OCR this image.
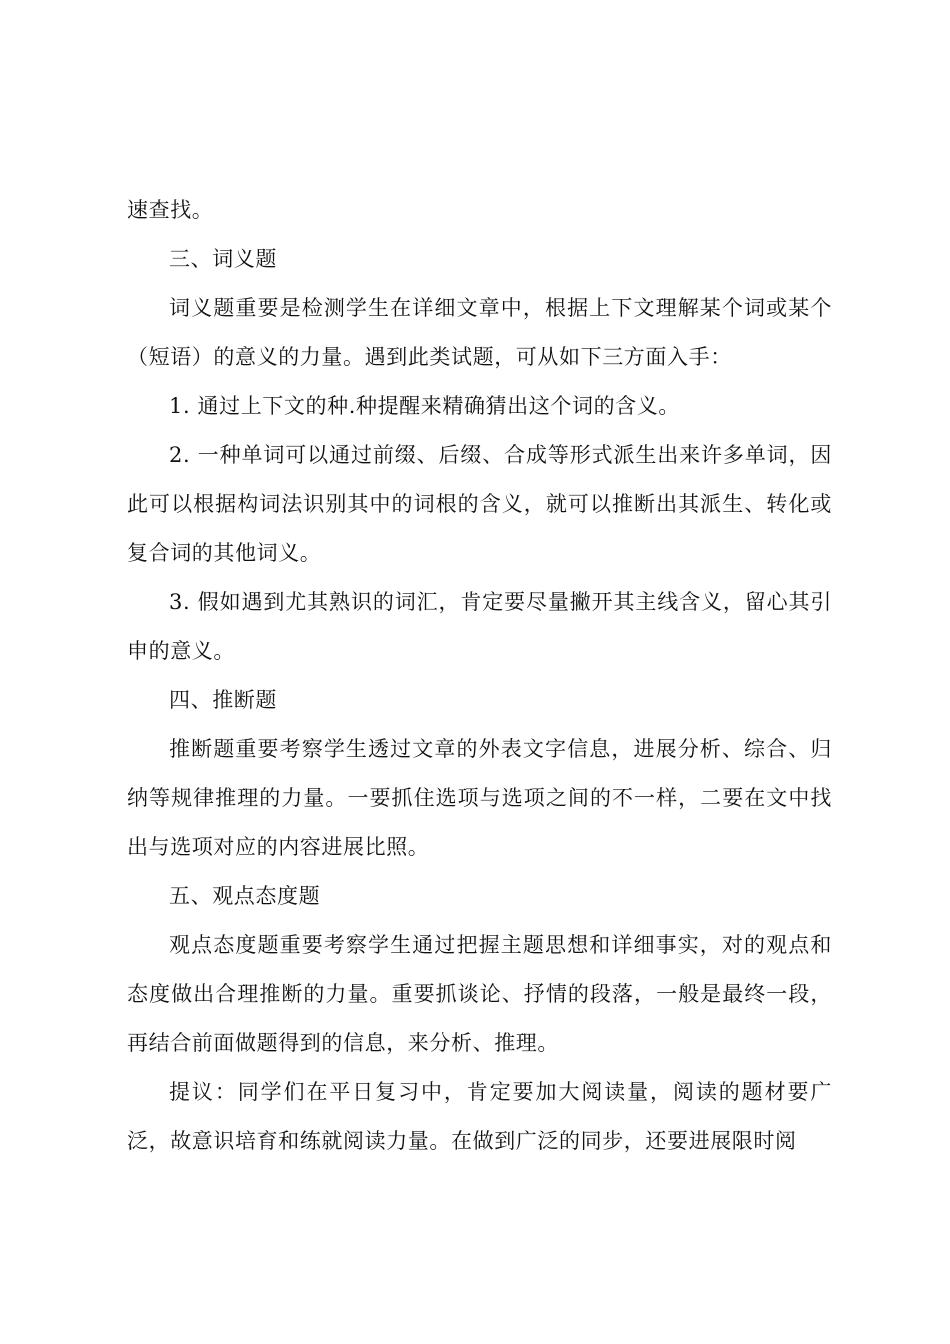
速查找。

三、词义题

词义题重要是检测学生在详细文章中，根据上下文理解某个词或某个（短语）的意义的力量。遇到此类试题，可从如下三方面入手：

1. 通过上下文的种.种提醒来精确猜出这个词的含义。

2. 一种单词可以通过前缀、后缀、合成等形式派生出来许多单词，因此可以根据构词法识别其中的词根的含义，就可以推断出其派生、转化或复合词的其他词义。

3. 假如遇到尤其熟识的词汇，肯定要尽量撇开其主线含义，留心其引申的意义。

四、推断题

推断题重要考察学生透过文章的外表文字信息，进展分析、综合、归纳等规律推理的力量。一要抓住选项与选项之间的不一样，二要在文中找出与选项对应的内容进展比照。

五、观点态度题

观点态度题重要考察学生通过把握主题思想和详细事实，对的观点和态度做出合理推断的力量。重要抓谈论、抒情的段落，一般是最终一段，再结合前面做题得到的信息，来分析、推理。

提议：同学们在平日复习中，肯定要加大阅读量，阅读的题材要广泛，故意识培育和练就阅读力量。在做到广泛的同步，还要进展限时阅
